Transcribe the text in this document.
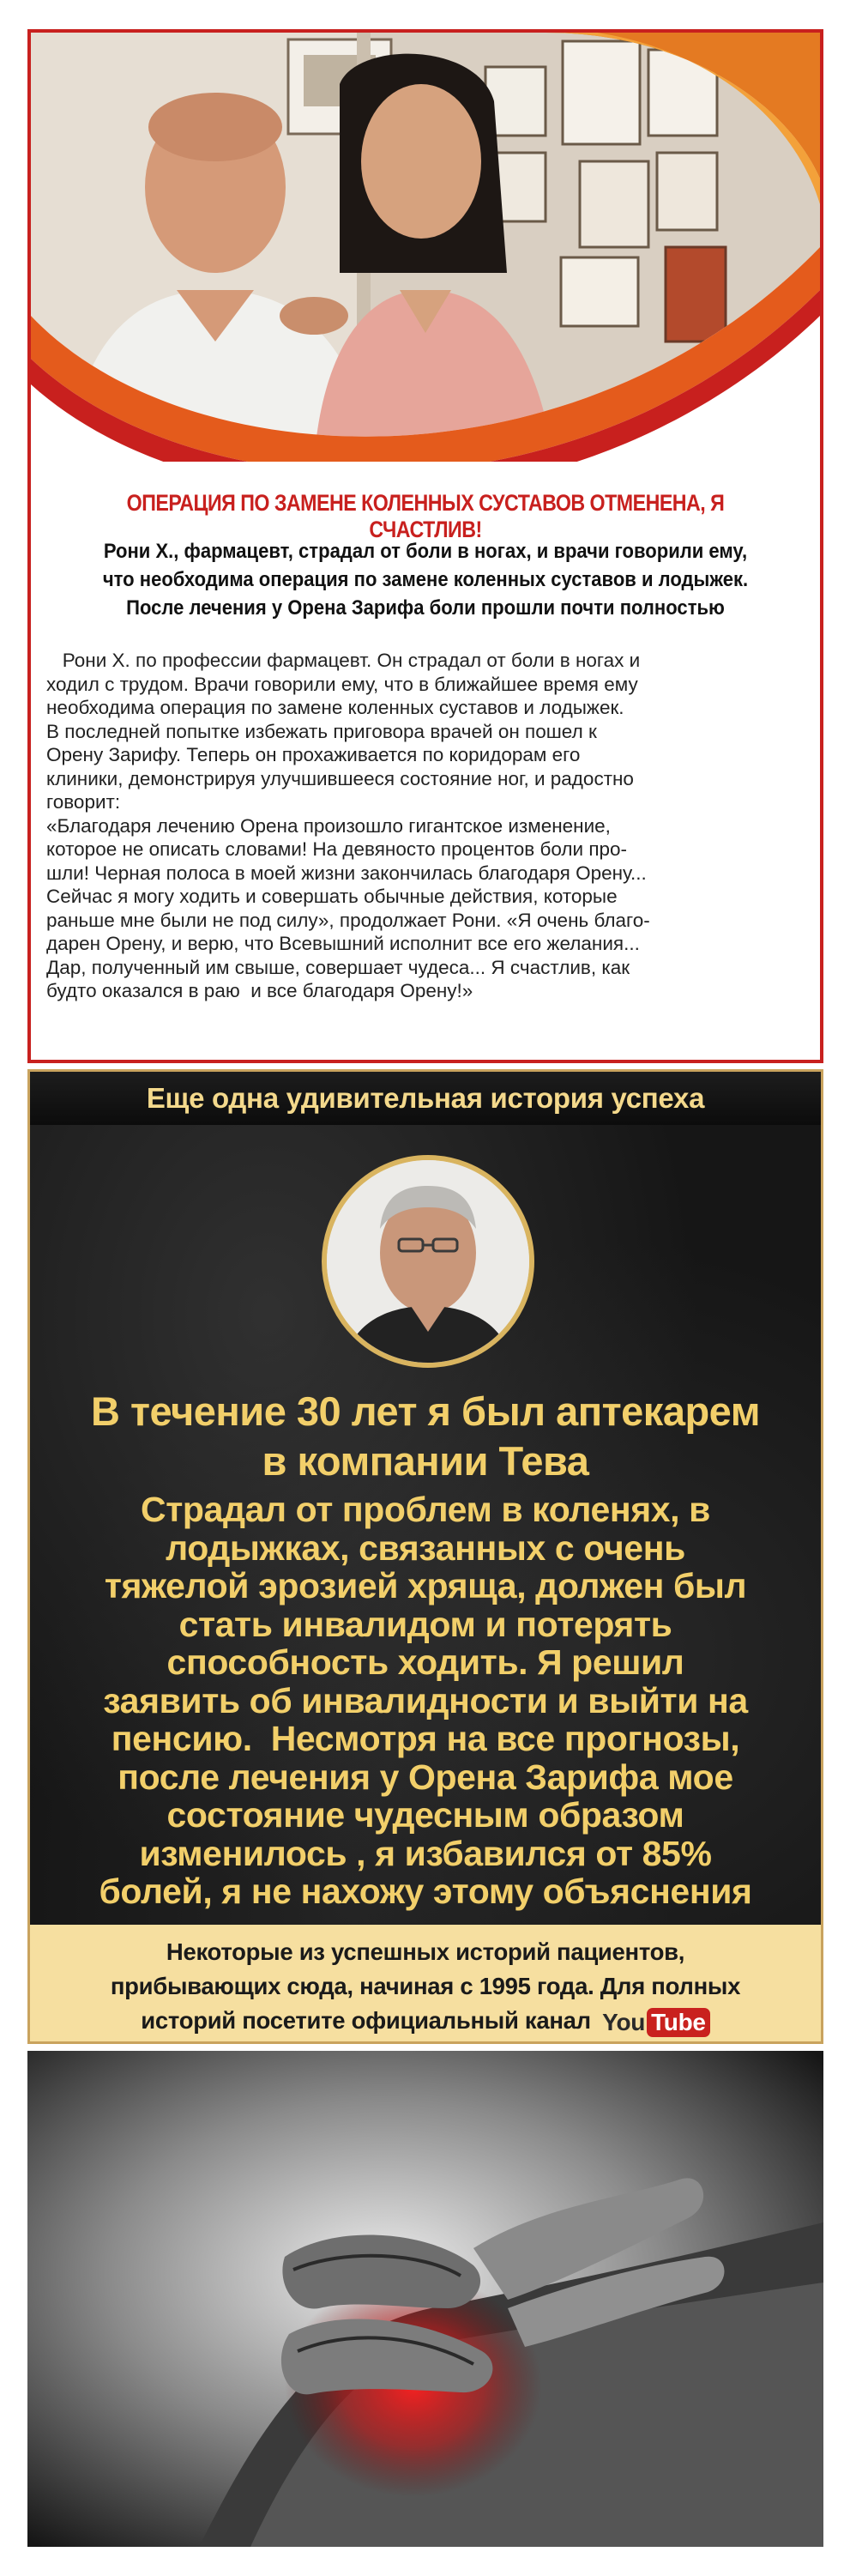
ОПЕРАЦИЯ ПО ЗАМЕНЕ КОЛЕННЫХ СУСТАВОВ ОТМЕНЕНА, Я СЧАСТЛИВ!
Рони Х., фармацевт, страдал от боли в ногах, и врачи говорили ему,
что необходима операция по замене коленных суставов и лодыжек.
После лечения у Орена Зарифа боли прошли почти полностью
Рони Х. по профессии фармацевт. Он страдал от боли в ногах и
ходил с трудом. Врачи говорили ему, что в ближайшее время ему
необходима операция по замене коленных суставов и лодыжек.
В последней попытке избежать приговора врачей он пошел к
Орену Зарифу. Теперь он прохаживается по коридорам его
клиники, демонстрируя улучшившееся состояние ног, и радостно
говорит:
«Благодаря лечению Орена произошло гигантское изменение,
которое не описать словами! На девяносто процентов боли про-
шли! Черная полоса в моей жизни закончилась благодаря Орену...
Сейчас я могу ходить и совершать обычные действия, которые
раньше мне были не под силу», продолжает Рони. «Я очень благо-
дарен Орену, и верю, что Всевышний исполнит все его желания...
Дар, полученный им свыше, совершает чудеса... Я счастлив, как
будто оказался в раю  и все благодаря Орену!»
Еще одна удивительная история успеха
В течение 30 лет я был аптекарем
в компании Тева
Страдал от проблем в коленях, в
лодыжках, связанных с очень
тяжелой эрозией хряща, должен был
стать инвалидом и потерять
способность ходить. Я решил
заявить об инвалидности и выйти на
пенсию.  Несмотря на все прогнозы,
после лечения у Орена Зарифа мое
состояние чудесным образом
изменилось , я избавился от 85%
болей, я не нахожу этому объяснения
Некоторые из успешных историй пациентов,
прибывающих сюда, начиная с 1995 года. Для полных
историй посетите официальный канал You Tube
